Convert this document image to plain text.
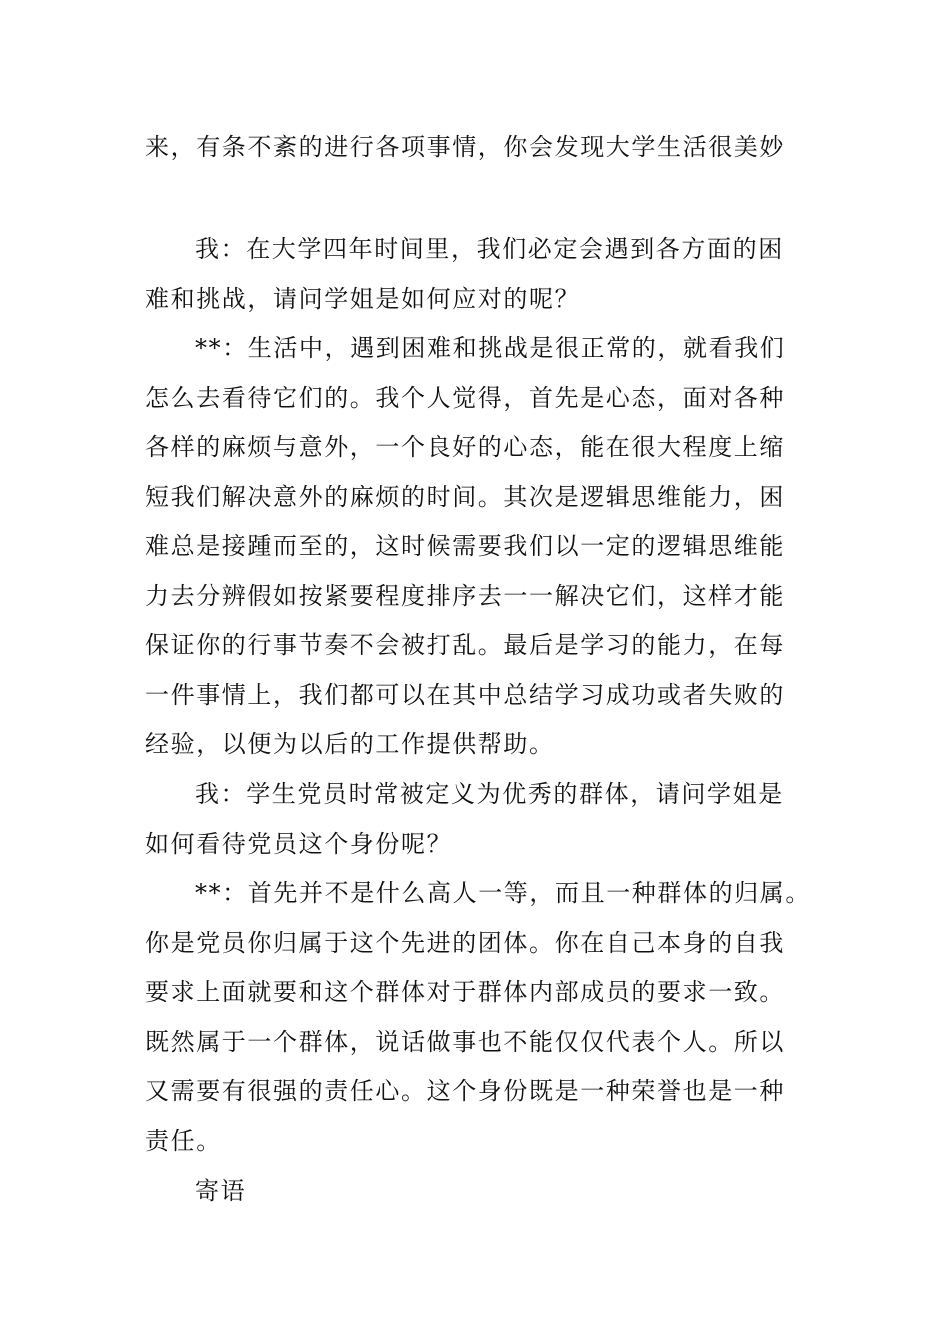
来，有条不紊的进行各项事情，你会发现大学生活很美妙
我：在大学四年时间里，我们必定会遇到各方面的困
难和挑战，请问学姐是如何应对的呢？
**：生活中，遇到困难和挑战是很正常的，就看我们
怎么去看待它们的。我个人觉得，首先是心态，面对各种
各样的麻烦与意外，一个良好的心态，能在很大程度上缩
短我们解决意外的麻烦的时间。其次是逻辑思维能力，困
难总是接踵而至的，这时候需要我们以一定的逻辑思维能
力去分辨假如按紧要程度排序去一一解决它们，这样才能
保证你的行事节奏不会被打乱。最后是学习的能力，在每
一件事情上，我们都可以在其中总结学习成功或者失败的
经验，以便为以后的工作提供帮助。
我：学生党员时常被定义为优秀的群体，请问学姐是
如何看待党员这个身份呢？
**：首先并不是什么高人一等，而且一种群体的归属。
你是党员你归属于这个先进的团体。你在自己本身的自我
要求上面就要和这个群体对于群体内部成员的要求一致。
既然属于一个群体，说话做事也不能仅仅代表个人。所以
又需要有很强的责任心。这个身份既是一种荣誉也是一种
责任。
寄语
